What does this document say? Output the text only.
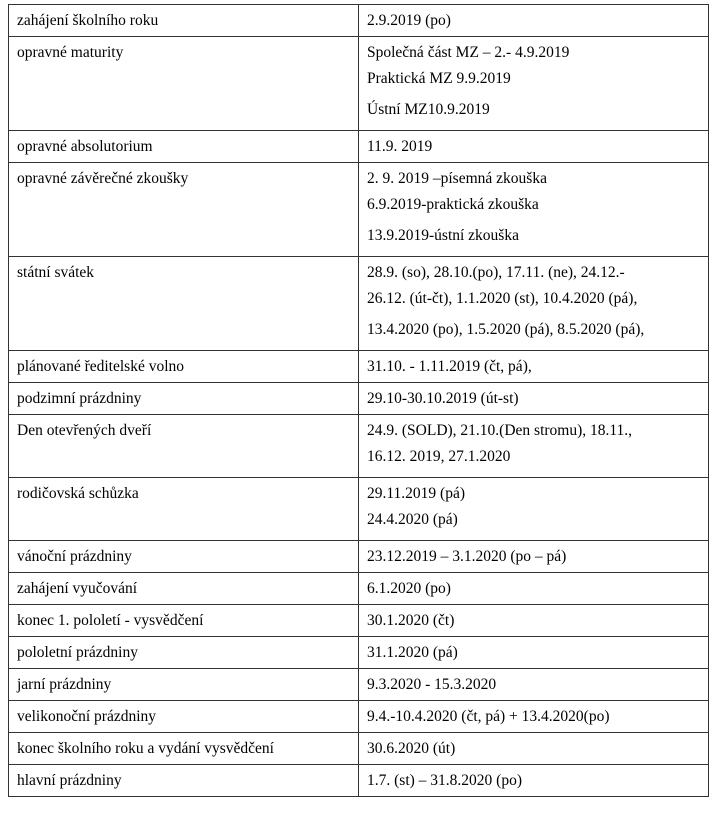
zahájení školního roku	2.9.2019 (po)

opravné maturity	Společná část MZ – 2.- 4.9.2019
Praktická MZ 9.9.2019
Ústní MZ10.9.2019

opravné absolutorium	11.9. 2019

opravné závěrečné zkoušky	2. 9. 2019 –písemná zkouška
6.9.2019-praktická zkouška
13.9.2019-ústní zkouška

státní svátek	28.9. (so), 28.10.(po), 17.11. (ne), 24.12.-
26.12. (út-čt), 1.1.2020 (st), 10.4.2020 (pá),
13.4.2020 (po), 1.5.2020 (pá), 8.5.2020 (pá),

plánované ředitelské volno	31.10. - 1.11.2019 (čt, pá),

podzimní prázdniny	29.10-30.10.2019 (út-st)

Den otevřených dveří	24.9. (SOLD), 21.10.(Den stromu), 18.11.,
16.12. 2019, 27.1.2020

rodičovská schůzka	29.11.2019 (pá)
24.4.2020 (pá)

vánoční prázdniny	23.12.2019 – 3.1.2020 (po – pá)

zahájení vyučování	6.1.2020 (po)

konec 1. pololetí - vysvědčení	30.1.2020 (čt)

pololetní prázdniny	31.1.2020 (pá)

jarní prázdniny	9.3.2020 - 15.3.2020

velikonoční prázdniny	9.4.-10.4.2020 (čt, pá) + 13.4.2020(po)

konec školního roku a vydání vysvědčení	30.6.2020 (út)

hlavní prázdniny	1.7. (st) – 31.8.2020 (po)
